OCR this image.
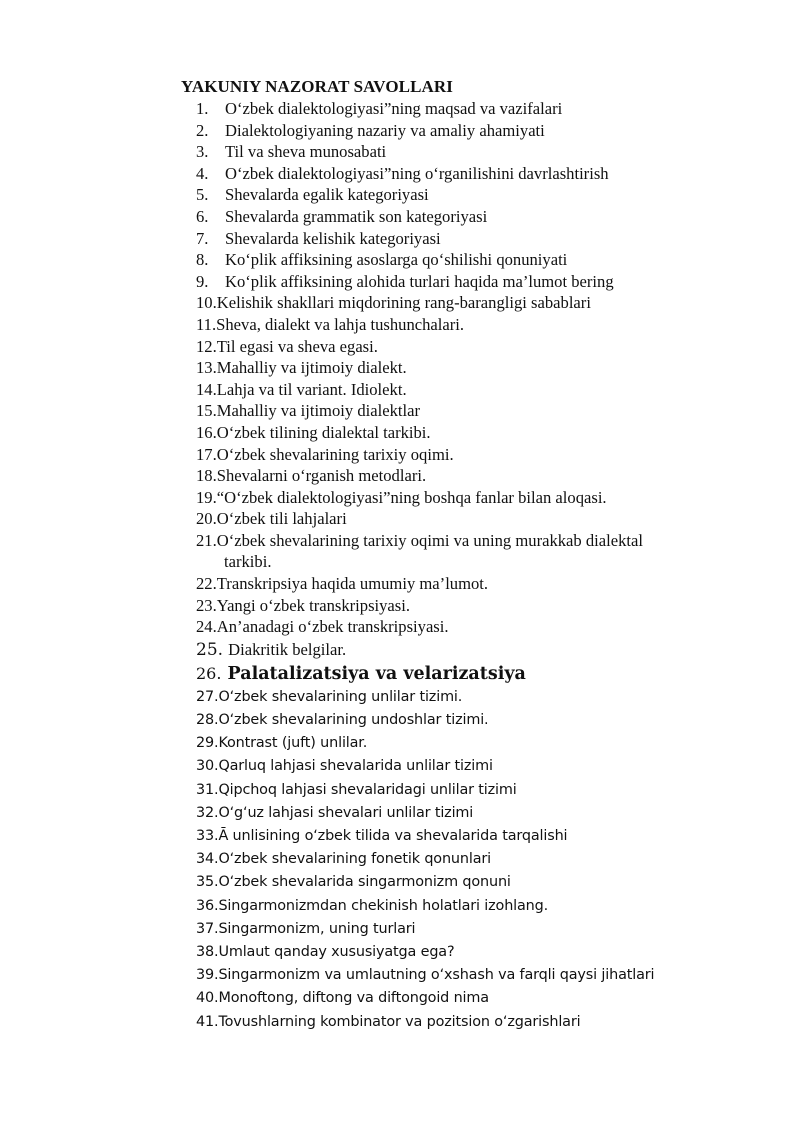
YAKUNIY NAZORAT SAVOLLARI
1. O‘zbek dialektologiyasi”ning maqsad va vazifalari
2. Dialektologiyaning nazariy va amaliy ahamiyati
3. Til va sheva munosabati
4. O‘zbek dialektologiyasi”ning o‘rganilishini davrlashtirish
5. Shevalarda egalik kategoriyasi
6. Shevalarda grammatik son kategoriyasi
7. Shevalarda kelishik kategoriyasi
8. Ko‘plik affiksining asoslarga qo‘shilishi qonuniyati
9. Ko‘plik affiksining alohida turlari haqida ma’lumot bering
10.Kelishik shakllari miqdorining rang-barangligi sabablari
11.Sheva, dialekt va lahja tushunchalari.
12.Til egasi va sheva egasi.
13.Mahalliy va ijtimoiy dialekt.
14.Lahja va til variant. Idiolekt.
15.Mahalliy va ijtimoiy dialektlar
16.O‘zbek tilining dialektal tarkibi.
17.O‘zbek shevalarining tarixiy oqimi.
18.Shevalarni o‘rganish metodlari.
19.“O‘zbek dialektologiyasi”ning boshqa fanlar bilan aloqasi.
20.O‘zbek tili lahjalari
21.O‘zbek shevalarining tarixiy oqimi va uning murakkab dialektal
tarkibi.
22.Transkripsiya haqida umumiy ma’lumot.
23.Yangi o‘zbek transkripsiyasi.
24.An’anadagi o‘zbek transkripsiyasi.
25. Diakritik belgilar.
26. Palatalizatsiya va velarizatsiya
27.O‘zbek shevalarining unlilar tizimi.
28.O‘zbek shevalarining undoshlar tizimi.
29.Kontrast (juft) unlilar.
30.Qarluq lahjasi shevalarida unlilar tizimi
31.Qipchoq lahjasi shevalaridagi unlilar tizimi
32.O‘g‘uz lahjasi shevalari unlilar tizimi
33.Ā unlisining o‘zbek tilida va shevalarida tarqalishi
34.O‘zbek shevalarining fonetik qonunlari
35.O‘zbek shevalarida singarmonizm qonuni
36.Singarmonizmdan chekinish holatlari izohlang.
37.Singarmonizm, uning turlari
38.Umlaut qanday xususiyatga ega?
39.Singarmonizm va umlautning o‘xshash va farqli qaysi jihatlari
40.Monoftong, diftong va diftongoid nima
41.Tovushlarning kombinator va pozitsion o‘zgarishlari
